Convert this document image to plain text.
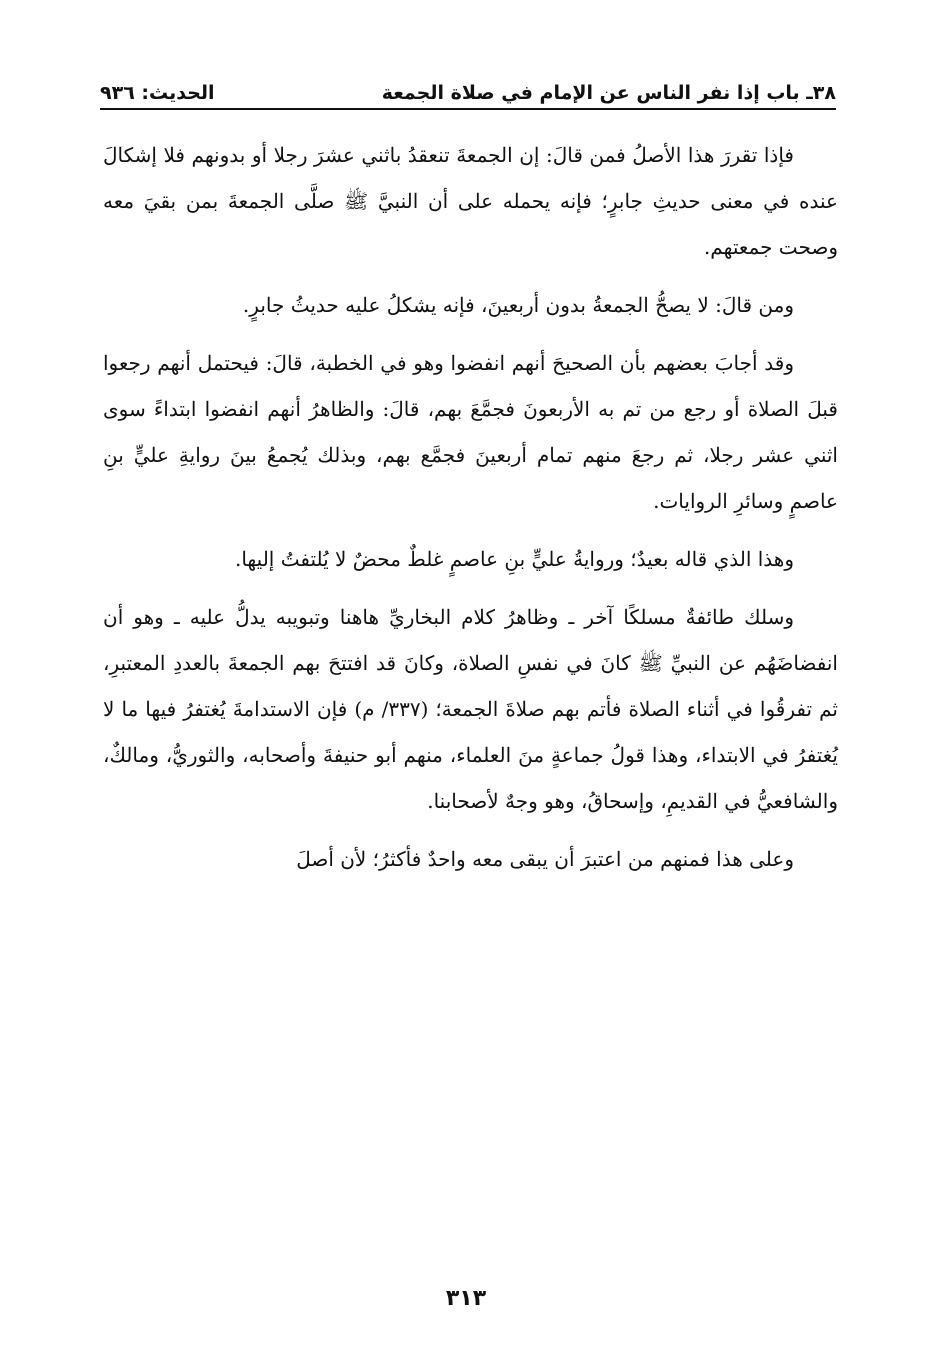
٣٨ـ باب إذا نفر الناس عن الإمام في صلاة الجمعة
الحديث: ٩٣٦

فإذا تقررَ هذا الأصلُ فمن قالَ: إن الجمعةَ تنعقدُ باثني عشرَ رجلا أو بدونهم فلا إشكالَ عنده في معنى حديثِ جابرٍ؛ فإنه يحمله على أن النبيَّ ﷺ صلَّى الجمعةَ بمن بقيَ معه وصحت جمعتهم.

ومن قالَ: لا يصحُّ الجمعةُ بدون أربعينَ، فإنه يشكلُ عليه حديثُ جابرٍ.

وقد أجابَ بعضهم بأن الصحيحَ أنهم انفضوا وهو في الخطبة، قالَ: فيحتمل أنهم رجعوا قبلَ الصلاة أو رجع من تم به الأربعونَ فجمَّعَ بهم، قالَ: والظاهرُ أنهم انفضوا ابتداءً سوى اثني عشر رجلا، ثم رجعَ منهم تمام أربعينَ فجمَّع بهم، وبذلك يُجمعُ بينَ روايةِ عليٍّ بنِ عاصمٍ وسائرِ الروايات.

وهذا الذي قاله بعيدٌ؛ وروايةُ عليٍّ بنِ عاصمٍ غلطٌ محضٌ لا يُلتفتُ إليها.

وسلك طائفةٌ مسلكًا آخر ـ وظاهرُ كلام البخاريِّ هاهنا وتبويبه يدلُّ عليه ـ وهو أن انفضاضَهُم عن النبيِّ ﷺ كانَ في نفسِ الصلاة، وكانَ قد افتتحَ بهم الجمعةَ بالعددِ المعتبرِ، ثم تفرقُوا في أثناء الصلاة فأتم بهم صلاةَ الجمعة؛ (٣٣٧/ م) فإن الاستدامةَ يُغتفرُ فيها ما لا يُغتفرُ في الابتداء، وهذا قولُ جماعةٍ منَ العلماء، منهم أبو حنيفةَ وأصحابه، والثوريُّ، ومالكٌ، والشافعيُّ في القديمِ، وإسحاقُ، وهو وجهٌ لأصحابنا.

وعلى هذا فمنهم من اعتبرَ أن يبقى معه واحدٌ فأكثرُ؛ لأن أصلَ

٣١٣
